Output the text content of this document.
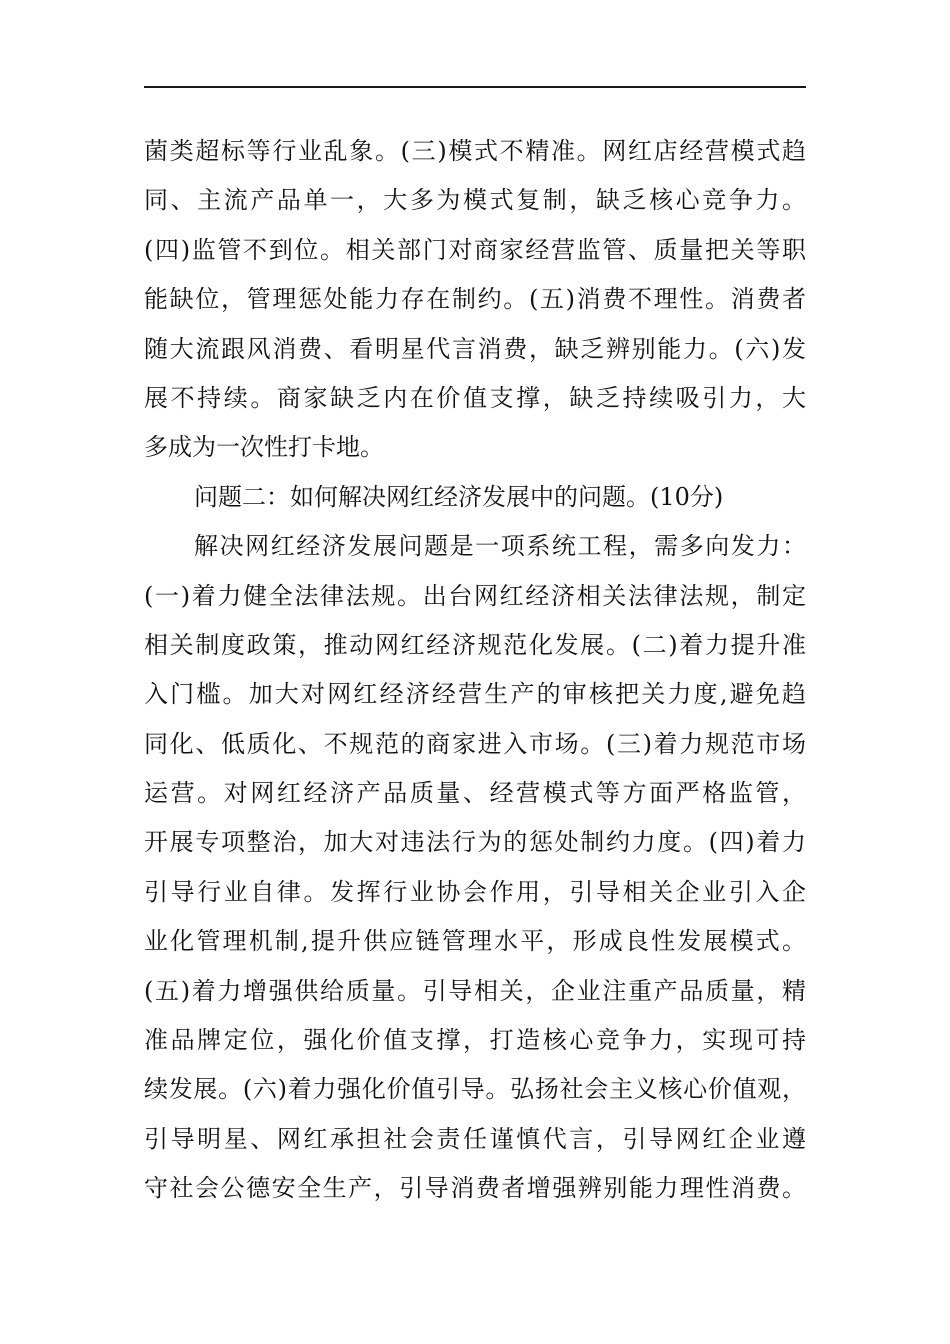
菌类超标等行业乱象。(三)模式不精准。网红店经营模式趋
同、主流产品单一，大多为模式复制，缺乏核心竞争力。
(四)监管不到位。相关部门对商家经营监管、质量把关等职
能缺位，管理惩处能力存在制约。(五)消费不理性。消费者
随大流跟风消费、看明星代言消费，缺乏辨别能力。(六)发
展不持续。商家缺乏内在价值支撑，缺乏持续吸引力，大
多成为一次性打卡地。
问题二：如何解决网红经济发展中的问题。(10分)
解决网红经济发展问题是一项系统工程，需多向发力：
(一)着力健全法律法规。出台网红经济相关法律法规，制定
相关制度政策，推动网红经济规范化发展。(二)着力提升准
入门槛。加大对网红经济经营生产的审核把关力度,避免趋
同化、低质化、不规范的商家进入市场。(三)着力规范市场
运营。对网红经济产品质量、经营模式等方面严格监管，
开展专项整治，加大对违法行为的惩处制约力度。(四)着力
引导行业自律。发挥行业协会作用，引导相关企业引入企
业化管理机制,提升供应链管理水平，形成良性发展模式。
(五)着力增强供给质量。引导相关，企业注重产品质量，精
准品牌定位，强化价值支撑，打造核心竞争力，实现可持
续发展。(六)着力强化价值引导。弘扬社会主义核心价值观，
引导明星、网红承担社会责任谨慎代言，引导网红企业遵
守社会公德安全生产，引导消费者增强辨别能力理性消费。
